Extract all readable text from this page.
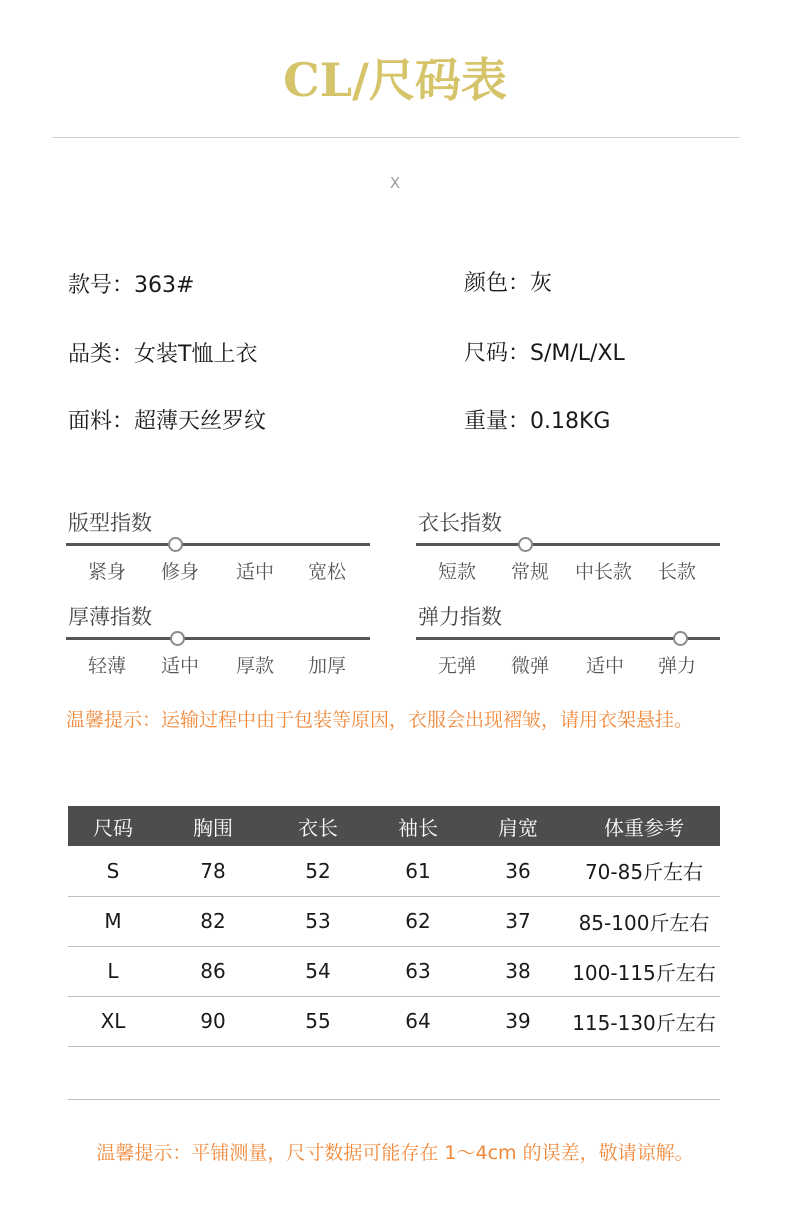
CL/尺码表
X
款号：363#	颜色：灰
品类：女装T恤上衣	尺码：S/M/L/XL
面料：超薄天丝罗纹	重量：0.18KG
版型指数
紧身 修身 适中 宽松
衣长指数
短款 常规 中长款 长款
厚薄指数
轻薄 适中 厚款 加厚
弹力指数
无弹 微弹 适中 弹力
温馨提示：运输过程中由于包装等原因，衣服会出现褶皱，请用衣架悬挂。
尺码	胸围	衣长	袖长	肩宽	体重参考
S	78	52	61	36	70-85斤左右
M	82	53	62	37	85-100斤左右
L	86	54	63	38	100-115斤左右
XL	90	55	64	39	115-130斤左右
温馨提示：平铺测量，尺寸数据可能存在 1～4cm 的误差，敬请谅解。
